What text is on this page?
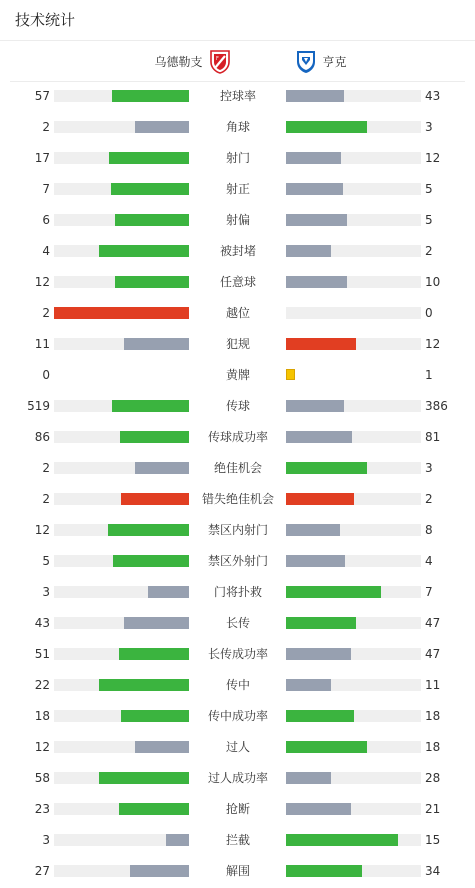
技术统计
乌德勒支	F	亨克
57	控球率	43
2	角球	3
17	射门	12
7	射正	5
6	射偏	5
4	被封堵	2
12	任意球	10
2	越位	0
11	犯规	12
0	黄牌	1
519	传球	386
86	传球成功率	81
2	绝佳机会	3
2	错失绝佳机会	2
12	禁区内射门	8
5	禁区外射门	4
3	门将扑救	7
43	长传	47
51	长传成功率	47
22	传中	11
18	传中成功率	18
12	过人	18
58	过人成功率	28
23	抢断	21
3	拦截	15
27	解围	34
